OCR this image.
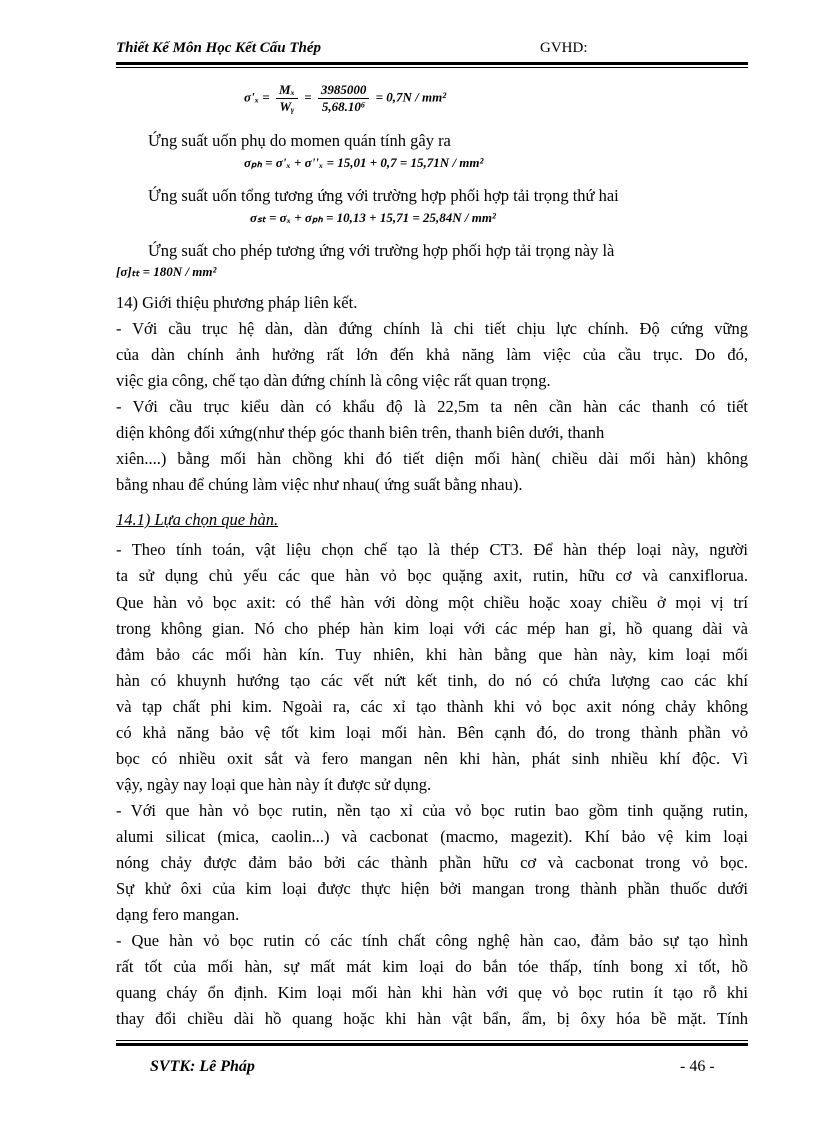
Thiết Kế Môn Học Kết Cấu Thép	GVHD:
$\sigma'_x = \frac{\text{Mₓ}}{\text{Wᵧ}} = \frac{3985000}{\text{5,68.10⁶}} = 0,7N / mm^2$
Ứng suất uốn phụ do momen quán tính gây ra
σₚₕ = σ'ₓ + σ''ₓ = 15,01 + 0,7 = 15,71N / mm²
Ứng suất uốn tổng tương ứng với trường hợp phối hợp tải trọng thứ hai
σₛₜ = σₓ + σₚₕ = 10,13 + 15,71 = 25,84N / mm²
Ứng suất cho phép tương ứng với trường hợp phối hợp tải trọng này là
[σ]ₜₜ = 180N / mm²
14) Giới thiệu phương pháp liên kết.
- Với cầu trục hệ dàn, dàn đứng chính là chi tiết chịu lực chính. Độ cứng vững
của dàn chính ảnh hưởng rất lớn đến khả năng làm việc của cầu trục. Do đó,
việc gia công, chế tạo dàn đứng chính là công việc rất quan trọng.
- Với cầu trục kiểu dàn có khẩu độ là 22,5m ta nên cần hàn các thanh có tiết
diện không đối xứng(như thép góc thanh biên trên, thanh biên dưới, thanh
xiên....) bằng mối hàn chồng khi đó tiết diện mối hàn( chiều dài mối hàn) không
bằng nhau để chúng làm việc như nhau( ứng suất bằng nhau).
14.1) Lựa chọn que hàn.
- Theo tính toán, vật liệu chọn chế tạo là thép CT3. Để hàn thép loại này, người
ta sử dụng chủ yếu các que hàn vỏ bọc quặng axit, rutin, hữu cơ và canxiflorua.
Que hàn vỏ bọc axit: có thể hàn với dòng một chiều hoặc xoay chiều ở mọi vị trí
trong không gian. Nó cho phép hàn kim loại với các mép han gỉ, hồ quang dài và
đảm bảo các mối hàn kín. Tuy nhiên, khi hàn bằng que hàn này, kim loại mối
hàn có khuynh hướng tạo các vết nứt kết tinh, do nó có chứa lượng cao các khí
và tạp chất phi kim. Ngoài ra, các xỉ tạo thành khi vỏ bọc axit nóng chảy không
có khả năng bảo vệ tốt kim loại mối hàn. Bên cạnh đó, do trong thành phần vỏ
bọc có nhiều oxit sắt và fero mangan nên khi hàn, phát sinh nhiều khí độc. Vì
vậy, ngày nay loại que hàn này ít được sử dụng.
- Với que hàn vỏ bọc rutin, nền tạo xỉ của vỏ bọc rutin bao gồm tinh quặng rutin,
alumi silicat (mica, caolin...) và cacbonat (macmo, magezit). Khí bảo vệ kim loại
nóng chảy được đảm bảo bởi các thành phần hữu cơ và cacbonat trong vỏ bọc.
Sự khử ôxi của kim loại được thực hiện bởi mangan trong thành phần thuốc dưới
dạng fero mangan.
- Que hàn vỏ bọc rutin có các tính chất công nghệ hàn cao, đảm bảo sự tạo hình
rất tốt của mối hàn, sự mất mát kim loại do bắn tóe thấp, tính bong xỉ tốt, hồ
quang cháy ổn định. Kim loại mối hàn khi hàn với quẹ vỏ bọc rutin ít tạo rỗ khi
thay đổi chiều dài hồ quang hoặc khi hàn vật bẩn, ẩm, bị ôxy hóa bề mặt. Tính
SVTK: Lê Pháp	- 46 -
